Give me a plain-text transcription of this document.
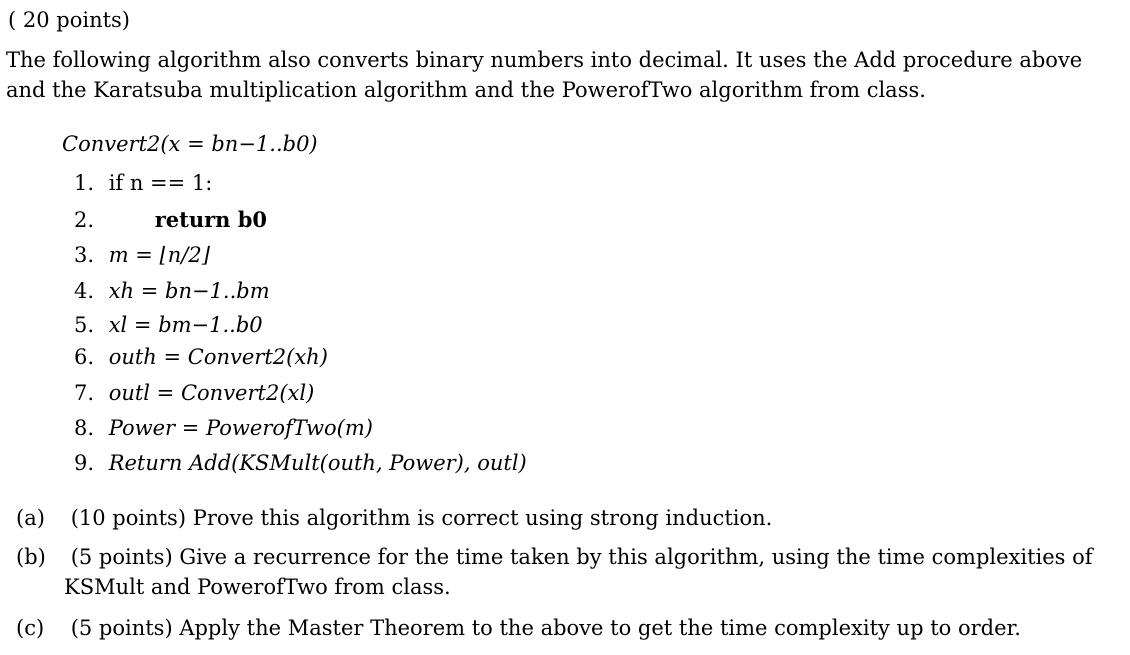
( 20 points)
The following algorithm also converts binary numbers into decimal. It uses the Add procedure above
and the Karatsuba multiplication algorithm and the PowerofTwo algorithm from class.
Convert2(x = bn−1..b0)
1. if n == 1:
2.	return b0
3. m = ⌊n/2⌋
4. xh = bn−1..bm
5. xl = bm−1..b0
6. outh = Convert2(xh)
7. outl = Convert2(xl)
8. Power = PowerofTwo(m)
9. Return Add(KSMult(outh, Power), outl)
(a) (10 points) Prove this algorithm is correct using strong induction.
(b) (5 points) Give a recurrence for the time taken by this algorithm, using the time complexities of
KSMult and PowerofTwo from class.
(c) (5 points) Apply the Master Theorem to the above to get the time complexity up to order.
